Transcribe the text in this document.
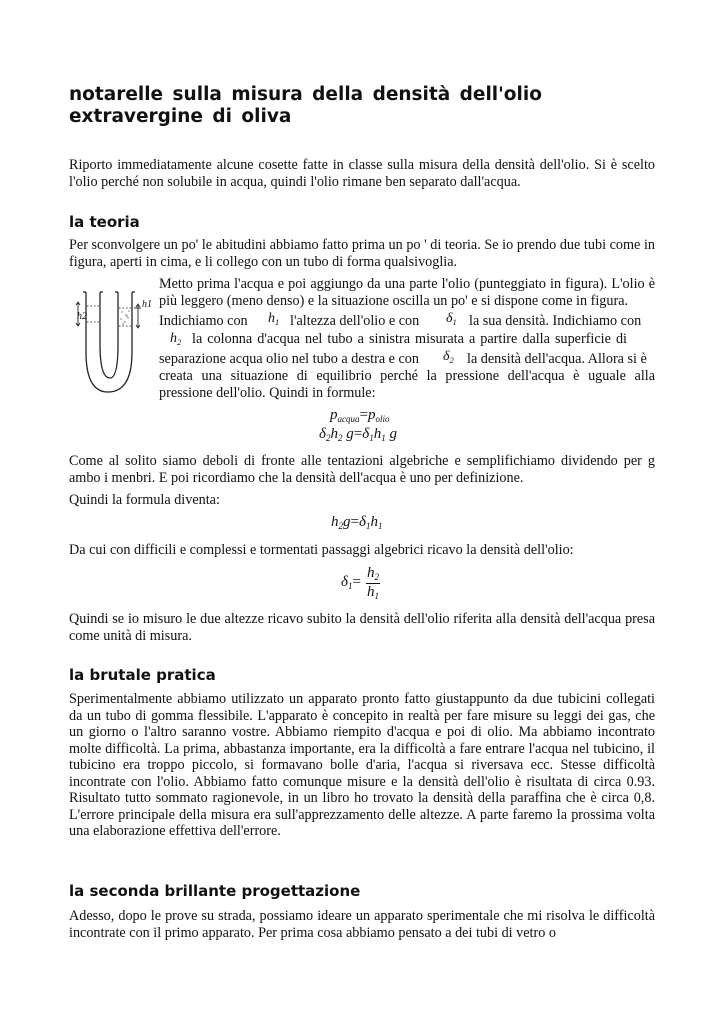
notarelle sulla misura della densità dell'olio extravergine di oliva

Riporto immediatamente alcune cosette fatte in classe sulla misura della densità dell'olio. Si è scelto l'olio perché non solubile in acqua, quindi l'olio rimane ben separato dall'acqua.

la teoria

Per sconvolgere un po' le abitudini abbiamo fatto prima un po ' di teoria. Se io prendo due tubi come in figura, aperti in cima, e li collego con un tubo di forma qualsivoglia.

h2
h1

Metto prima l'acqua e poi aggiungo da una parte l'olio (punteggiato in figura). L'olio è più leggero (meno denso) e la situazione oscilla un po' e si dispone come in figura.

Indichiamo con $h_1$ l'altezza dell'olio e con $\delta_1$ la sua densità. Indichiamo con
$h_2$ la colonna d'acqua nel tubo a sinistra misurata a partire dalla superficie di
separazione acqua olio nel tubo a destra e con $\delta_2$ la densità dell'acqua. Allora si è

creata una situazione di equilibrio perché la pressione dell'acqua è uguale alla pressione dell'olio. Quindi in formule:

$p_{acqua}=p_{olio}$
$\delta_2h_2$ $g=\delta_1h_1$ g

Come al solito siamo deboli di fronte alle tentazioni algebriche e semplifichiamo dividendo per g ambo i menbri. E poi ricordiamo che la densità dell'acqua è uno per definizione.

Quindi la formula diventa:

$h_2g=\delta_1h_1$

Da cui con difficili e complessi e tormentati passaggi algebrici ricavo la densità dell'olio:

$\delta_1=$
$h_2$
$h_1$

Quindi se io misuro le due altezze ricavo subito la densità dell'olio riferita alla densità dell'acqua presa come unità di misura.

la brutale pratica

Sperimentalmente abbiamo utilizzato un apparato pronto fatto giustappunto da due tubicini collegati da un tubo di gomma flessibile. L'apparato è concepito in realtà per fare misure su leggi dei gas, che un giorno o l'altro saranno vostre. Abbiamo riempito d'acqua e poi di olio. Ma abbiamo incontrato molte difficoltà. La prima, abbastanza importante, era la difficoltà a fare entrare l'acqua nel tubicino, il tubicino era troppo piccolo, si formavano bolle d'aria, l'acqua si riversava ecc. Stesse difficoltà incontrate con l'olio. Abbiamo fatto comunque misure e la densità dell'olio è risultata di circa 0.93. Risultato tutto sommato ragionevole, in un libro ho trovato la densità della paraffina che è circa 0,8. L'errore principale della misura era sull'apprezzamento delle altezze. A parte faremo la prossima volta una elaborazione effettiva dell'errore.

la seconda brillante progettazione

Adesso, dopo le prove su strada, possiamo ideare un apparato sperimentale che mi risolva le difficoltà incontrate con il primo apparato. Per prima cosa abbiamo pensato a dei tubi di vetro o
